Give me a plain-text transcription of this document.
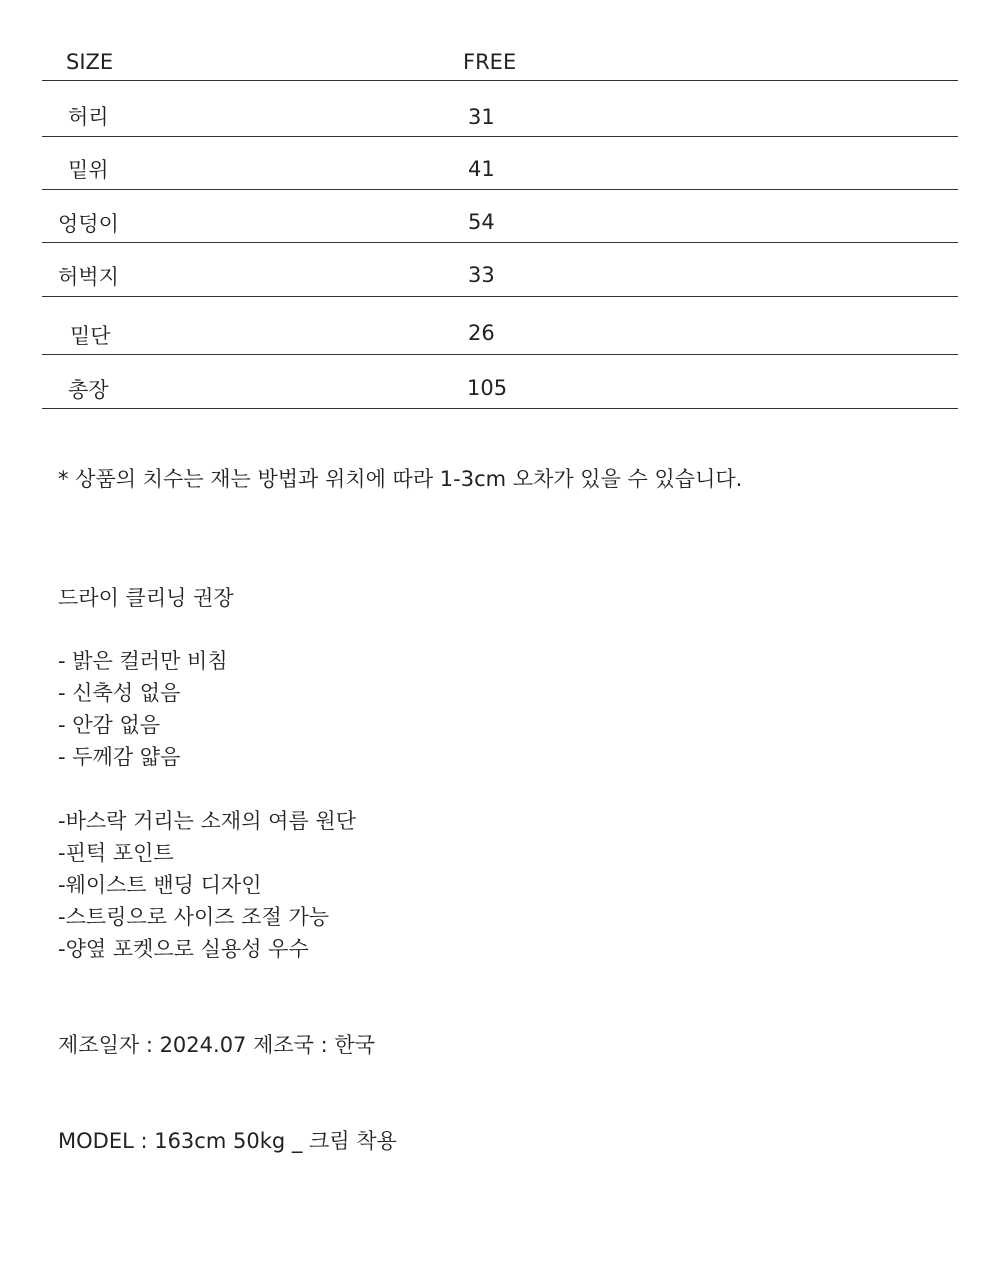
SIZE	FREE
허리	31
밑위	41
엉덩이	54
허벅지	33
밑단	26
총장	105
* 상품의 치수는 재는 방법과 위치에 따라 1-3cm 오차가 있을 수 있습니다.
드라이 클리닝 권장
- 밝은 컬러만 비침
- 신축성 없음
- 안감 없음
- 두께감 얇음
-바스락 거리는 소재의 여름 원단
-핀턱 포인트
-웨이스트 밴딩 디자인
-스트링으로 사이즈 조절 가능
-양옆 포켓으로 실용성 우수
제조일자 : 2024.07 제조국 : 한국
MODEL : 163cm 50kg _ 크림 착용
